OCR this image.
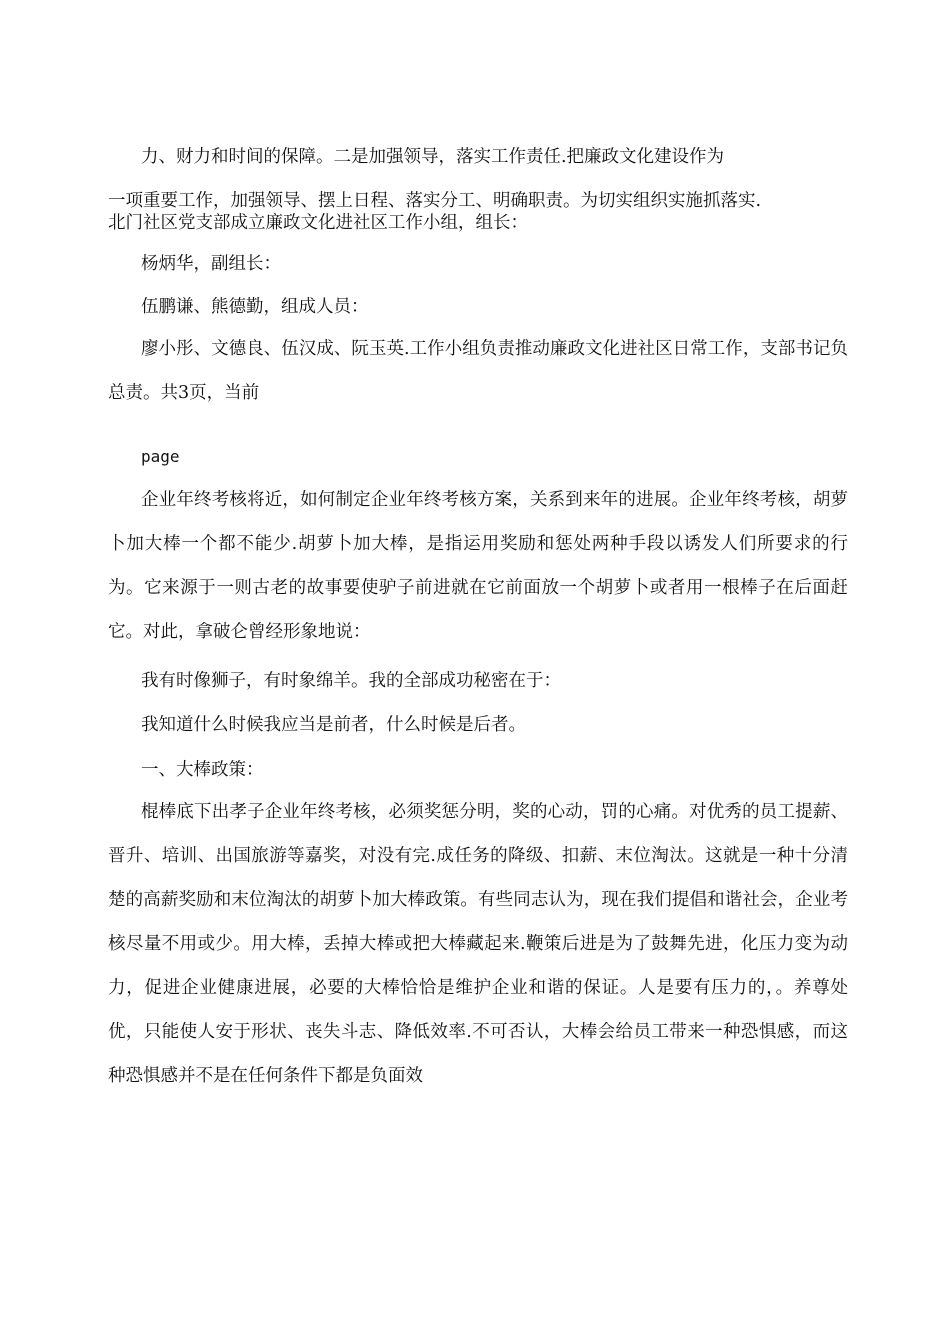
力、财力和时间的保障。二是加强领导，落实工作责任.把廉政文化建设作为

一项重要工作，加强领导、摆上日程、落实分工、明确职责。为切实组织实施抓落实.

北门社区党支部成立廉政文化进社区工作小组，组长：

杨炳华，副组长：

伍鹏谦、熊德勤，组成人员：

廖小彤、文德良、伍汉成、阮玉英.工作小组负责推动廉政文化进社区日常工作，支部书记负总责。共3页，当前

page

企业年终考核将近，如何制定企业年终考核方案，关系到来年的进展。企业年终考核，胡萝卜加大棒一个都不能少.胡萝卜加大棒，是指运用奖励和惩处两种手段以诱发人们所要求的行为。它来源于一则古老的故事要使驴子前进就在它前面放一个胡萝卜或者用一根棒子在后面赶它。对此，拿破仑曾经形象地说：

我有时像狮子，有时象绵羊。我的全部成功秘密在于：

我知道什么时候我应当是前者，什么时候是后者。

一、大棒政策：

棍棒底下出孝子企业年终考核，必须奖惩分明，奖的心动，罚的心痛。对优秀的员工提薪、晋升、培训、出国旅游等嘉奖，对没有完.成任务的降级、扣薪、末位淘汰。这就是一种十分清楚的高薪奖励和末位淘汰的胡萝卜加大棒政策。有些同志认为，现在我们提倡和谐社会，企业考核尽量不用或少。用大棒，丢掉大棒或把大棒藏起来.鞭策后进是为了鼓舞先进，化压力变为动力，促进企业健康进展，必要的大棒恰恰是维护企业和谐的保证。人是要有压力的，。养尊处优，只能使人安于形状、丧失斗志、降低效率.不可否认，大棒会给员工带来一种恐惧感，而这种恐惧感并不是在任何条件下都是负面效
